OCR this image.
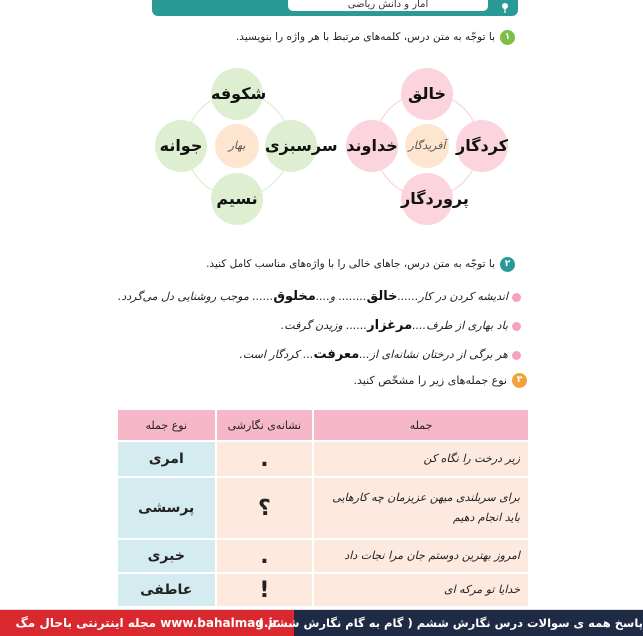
آمار و دانش ریاضی
۱
با توجّه به متن درس، کلمه‌های مرتبط با هر واژه را بنویسید.
خالق
کردگار
خداوند
پروردگار
آفریدگار
شکوفه
سرسبزی
جوانه
نسیم
بهار
۲
با توجّه به متن درس، جاهای خالی را با واژه‌های مناسب کامل کنید.
اندیشه کردن در کار......خالق........ و....مخلوق...... موجب روشنایی دل می‌گردد.
باد بهاری از طرف....مرغزار...... وزیدن گرفت.
هر برگی از درختان نشانه‌ای از...معرفت... کردگار است.
۳
نوع جمله‌های زیر را مشخّص کنید.
جمله	نشانه‌ی نگارشی	نوع جمله
زیر درخت را نگاه کن	.	امری
برای سربلندی میهن عزیزمان چه کارهایی باید انجام دهیم	؟	پرسشی
امروز بهترین دوستم جان مرا نجات داد	.	خبری
خدایا تو مرکه ای	!	عاطفی
www.bahalmag.ir مجله اینترنتی باحال مگ
پاسخ همه ی سوالات درس نگارش ششم ( گام به گام نگارش ششم )
